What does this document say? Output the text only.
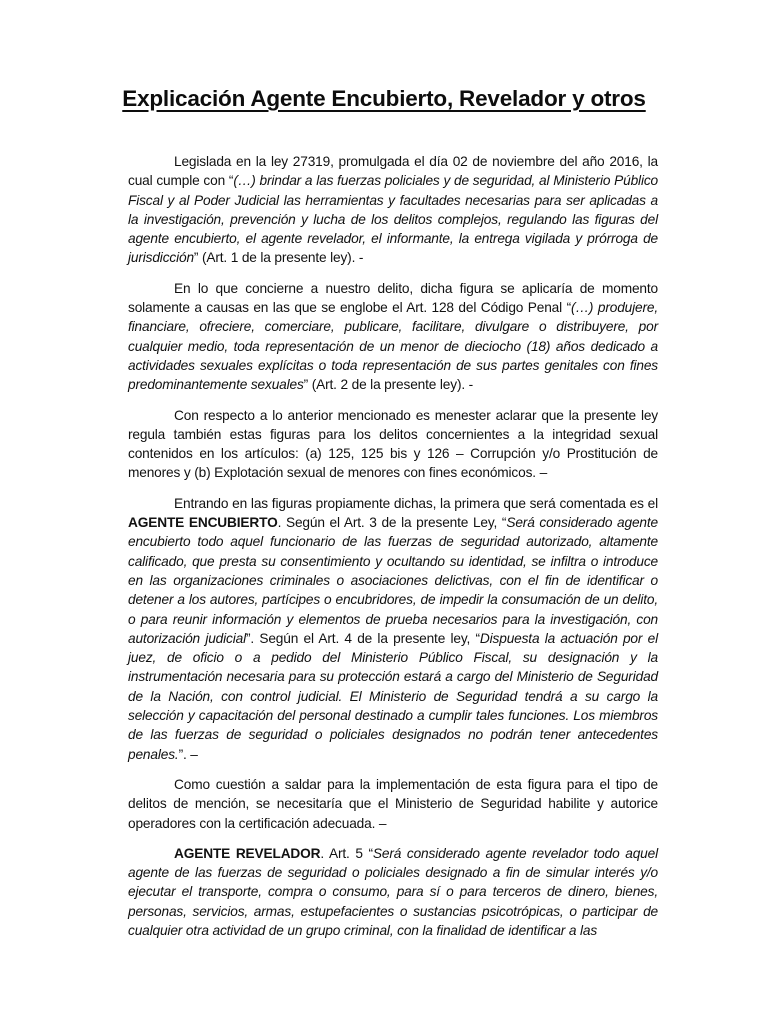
Explicación Agente Encubierto, Revelador y otros

Legislada en la ley 27319, promulgada el día 02 de noviembre del año 2016, la cual cumple con “(…) brindar a las fuerzas policiales y de seguridad, al Ministerio Público Fiscal y al Poder Judicial las herramientas y facultades necesarias para ser aplicadas a la investigación, prevención y lucha de los delitos complejos, regulando las figuras del agente encubierto, el agente revelador, el informante, la entrega vigilada y prórroga de jurisdicción” (Art. 1 de la presente ley). -

En lo que concierne a nuestro delito, dicha figura se aplicaría de momento solamente a causas en las que se englobe el Art. 128 del Código Penal “(…) produjere, financiare, ofreciere, comerciare, publicare, facilitare, divulgare o distribuyere, por cualquier medio, toda representación de un menor de dieciocho (18) años dedicado a actividades sexuales explícitas o toda representación de sus partes genitales con fines predominantemente sexuales” (Art. 2 de la presente ley). -

Con respecto a lo anterior mencionado es menester aclarar que la presente ley regula también estas figuras para los delitos concernientes a la integridad sexual contenidos en los artículos: (a) 125, 125 bis y 126 – Corrupción y/o Prostitución de menores y (b) Explotación sexual de menores con fines económicos. –

Entrando en las figuras propiamente dichas, la primera que será comentada es el AGENTE ENCUBIERTO. Según el Art. 3 de la presente Ley, “Será considerado agente encubierto todo aquel funcionario de las fuerzas de seguridad autorizado, altamente calificado, que presta su consentimiento y ocultando su identidad, se infiltra o introduce en las organizaciones criminales o asociaciones delictivas, con el fin de identificar o detener a los autores, partícipes o encubridores, de impedir la consumación de un delito, o para reunir información y elementos de prueba necesarios para la investigación, con autorización judicial”. Según el Art. 4 de la presente ley, “Dispuesta la actuación por el juez, de oficio o a pedido del Ministerio Público Fiscal, su designación y la instrumentación necesaria para su protección estará a cargo del Ministerio de Seguridad de la Nación, con control judicial. El Ministerio de Seguridad tendrá a su cargo la selección y capacitación del personal destinado a cumplir tales funciones. Los miembros de las fuerzas de seguridad o policiales designados no podrán tener antecedentes penales.”. –

Como cuestión a saldar para la implementación de esta figura para el tipo de delitos de mención, se necesitaría que el Ministerio de Seguridad habilite y autorice operadores con la certificación adecuada. –

AGENTE REVELADOR. Art. 5 “Será considerado agente revelador todo aquel agente de las fuerzas de seguridad o policiales designado a fin de simular interés y/o ejecutar el transporte, compra o consumo, para sí o para terceros de dinero, bienes, personas, servicios, armas, estupefacientes o sustancias psicotrópicas, o participar de cualquier otra actividad de un grupo criminal, con la finalidad de identificar a las
